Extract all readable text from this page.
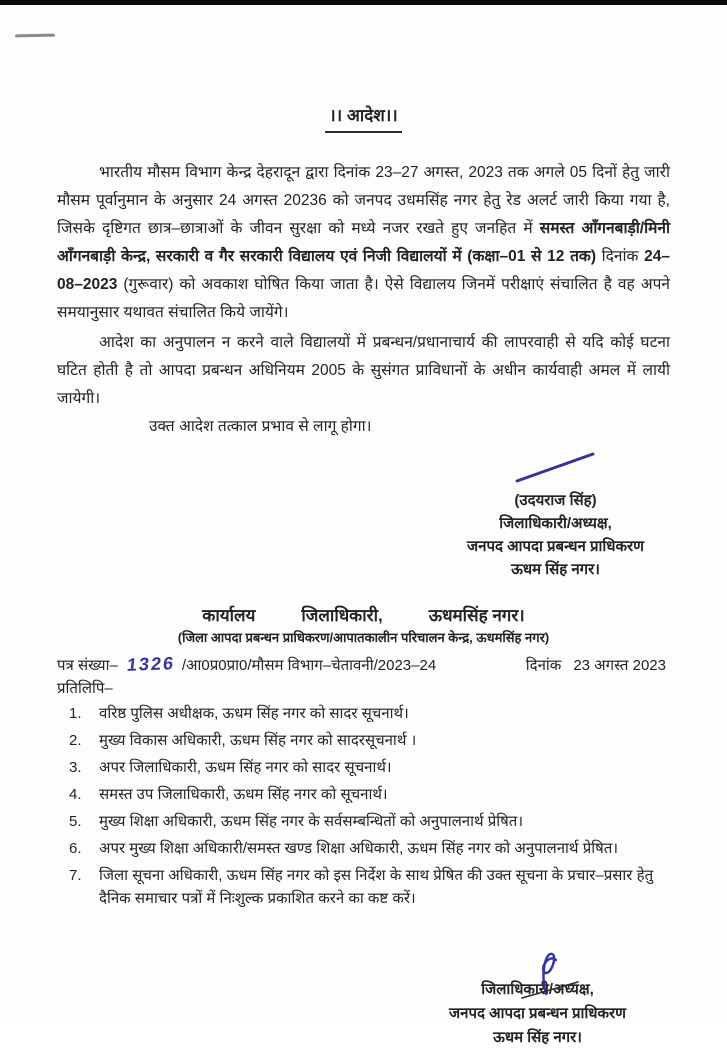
।। आदेश।।

भारतीय मौसम विभाग केन्द्र देहरादून द्वारा दिनांक 23–27 अगस्त, 2023 तक अगले 05 दिनों हेतु जारी मौसम पूर्वानुमान के अनुसार 24 अगस्त 20236 को जनपद उधमसिंह नगर हेतु रेड अलर्ट जारी किया गया है, जिसके दृष्टिगत छात्र–छात्राओं के जीवन सुरक्षा को मध्ये नजर रखते हुए जनहित में समस्त ऑंगनबाड़ी/मिनी ऑंगनबाड़ी केन्द्र, सरकारी व गैर सरकारी विद्यालय एवं निजी विद्यालयों में (कक्षा–01 से 12 तक) दिनांक 24–08–2023 (गुरूवार) को अवकाश घोषित किया जाता है। ऐसे विद्यालय जिनमें परीक्षाएं संचालित है वह अपने समयानुसार यथावत संचालित किये जायेंगे।

आदेश का अनुपालन न करने वाले विद्यालयों में प्रबन्धन/प्रधानाचार्य की लापरवाही से यदि कोई घटना घटित होती है तो आपदा प्रबन्धन अधिनियम 2005 के सुसंगत प्राविधानों के अधीन कार्यवाही अमल में लायी जायेगी।

उक्त आदेश तत्काल प्रभाव से लागू होगा।

(उदयराज सिंह)
जिलाधिकारी/अध्यक्ष,
जनपद आपदा प्रबन्धन प्राधिकरण
ऊधम सिंह नगर।
कार्यालय	जिलाधिकारी,	ऊधमसिंह नगर।
(जिला आपदा प्रबन्धन प्राधिकरण/आपातकालीन परिचालन केन्द्र, ऊधमसिंह नगर)
पत्र संख्या– 1326 /आ0प्र0प्रा0/मौसम विभाग–चेतावनी/2023–24	दिनांक 23 अगस्त 2023
प्रतिलिपि–
1.	वरिष्ठ पुलिस अधीक्षक, ऊधम सिंह नगर को सादर सूचनार्थ।
2.	मुख्य विकास अधिकारी, ऊधम सिंह नगर को सादरसूचनार्थ ।
3.	अपर जिलाधिकारी, ऊधम सिंह नगर को सादर सूचनार्थ।
4.	समस्त उप जिलाधिकारी, ऊधम सिंह नगर को सूचनार्थ।
5.	मुख्य शिक्षा अधिकारी, ऊधम सिंह नगर के सर्वसम्बन्धितों को अनुपालनार्थ प्रेषित।
6.	अपर मुख्य शिक्षा अधिकारी/समस्त खण्ड शिक्षा अधिकारी, ऊधम सिंह नगर को अनुपालनार्थ प्रेषित।
7.	जिला सूचना अधिकारी, ऊधम सिंह नगर को इस निर्देश के साथ प्रेषित की उक्त सूचना के प्रचार–प्रसार हेतु दैनिक समाचार पत्रों में निःशुल्क प्रकाशित करने का कष्ट करें।
जिलाधिकारी/अध्यक्ष,
जनपद आपदा प्रबन्धन प्राधिकरण
ऊधम सिंह नगर।
